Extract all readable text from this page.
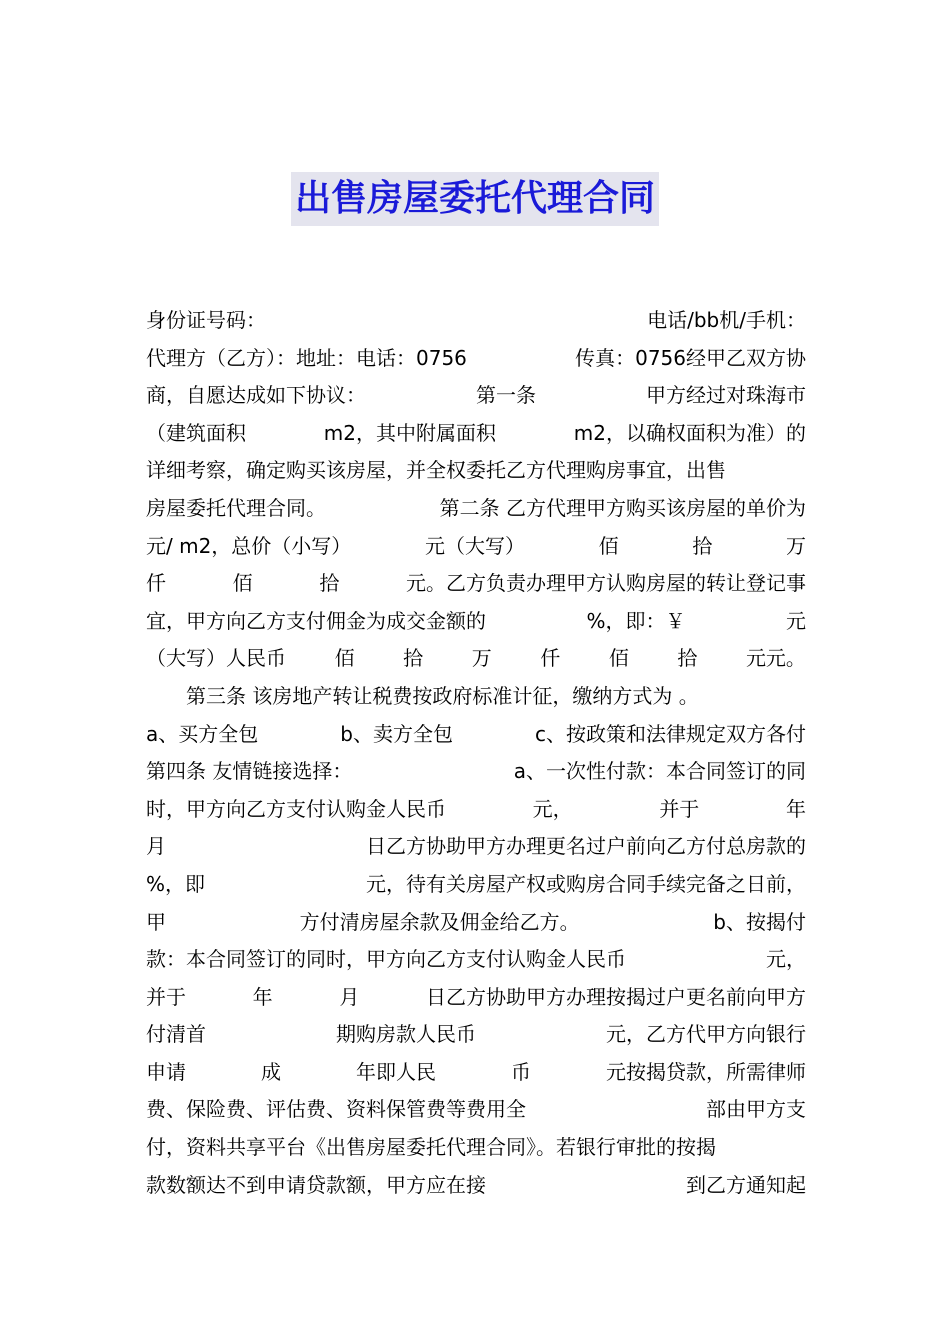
出售房屋委托代理合同
身份证号码：	电话/bb机/手机：
代理方（乙方）：地址：电话：0756	传真：0756经甲乙双方协
商，自愿达成如下协议：	第一条	甲方经过对珠海市
（建筑面积	m2，其中附属面积	m2，以确权面积为准）的
详细考察，确定购买该房屋，并全权委托乙方代理购房事宜，出售
房屋委托代理合同。	第二条 乙方代理甲方购买该房屋的单价为
元/ m2，总价（小写）	元（大写）	佰	拾	万
仟	佰	拾	元。乙方负责办理甲方认购房屋的转让登记事
宜，甲方向乙方支付佣金为成交金额的	%，即：￥	元
（大写）人民币 佰 拾 万 仟 佰 拾 元元。
　　第三条 该房地产转让税费按政府标准计征，缴纳方式为 。
a、买方全包	b、卖方全包	c、按政策和法律规定双方各付
第四条 友情链接选择：	a、一次性付款：本合同签订的同
时，甲方向乙方支付认购金人民币	元，	并于	年
月	日乙方协助甲方办理更名过户前向乙方付总房款的
%，即	元，待有关房屋产权或购房合同手续完备之日前，
甲	方付清房屋余款及佣金给乙方。	b、按揭付
款：本合同签订的同时，甲方向乙方支付认购金人民币	元，
并于	年	月	日乙方协助甲方办理按揭过户更名前向甲方
付清首	期购房款人民币	元，乙方代甲方向银行
申请	成	年即人民	币	元按揭贷款，所需律师
费、保险费、评估费、资料保管费等费用全	部由甲方支
付，资料共享平台《出售房屋委托代理合同》。若银行审批的按揭
款数额达不到申请贷款额，甲方应在接	到乙方通知起
